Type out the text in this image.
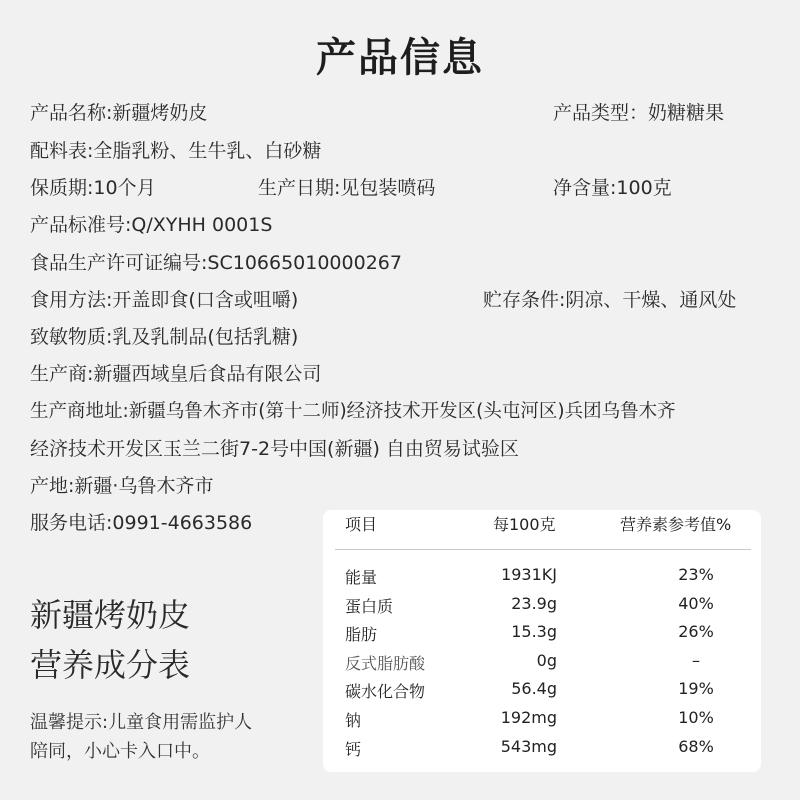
产品信息
产品名称:新疆烤奶皮	产品类型：奶糖糖果
配料表:全脂乳粉、生牛乳、白砂糖
保质期:10个月	生产日期:见包装喷码	净含量:100克
产品标准号:Q/XYHH 0001S
食品生产许可证编号:SC10665010000267
食用方法:开盖即食(口含或咀嚼)	贮存条件:阴凉、干燥、通风处
致敏物质:乳及乳制品(包括乳糖)
生产商:新疆西域皇后食品有限公司
生产商地址:新疆乌鲁木齐市(第十二师)经济技术开发区(头屯河区)兵团乌鲁木齐
经济技术开发区玉兰二街7-2号中国(新疆) 自由贸易试验区
产地:新疆·乌鲁木齐市
服务电话:0991-4663586
新疆烤奶皮
营养成分表
温馨提示:儿童食用需监护人
陪同，小心卡入口中。
项目	每100克	营养素参考值%
能量	1931KJ	23%
蛋白质	23.9g	40%
脂肪	15.3g	26%
反式脂肪酸	0g	–
碳水化合物	56.4g	19%
钠	192mg	10%
钙	543mg	68%
